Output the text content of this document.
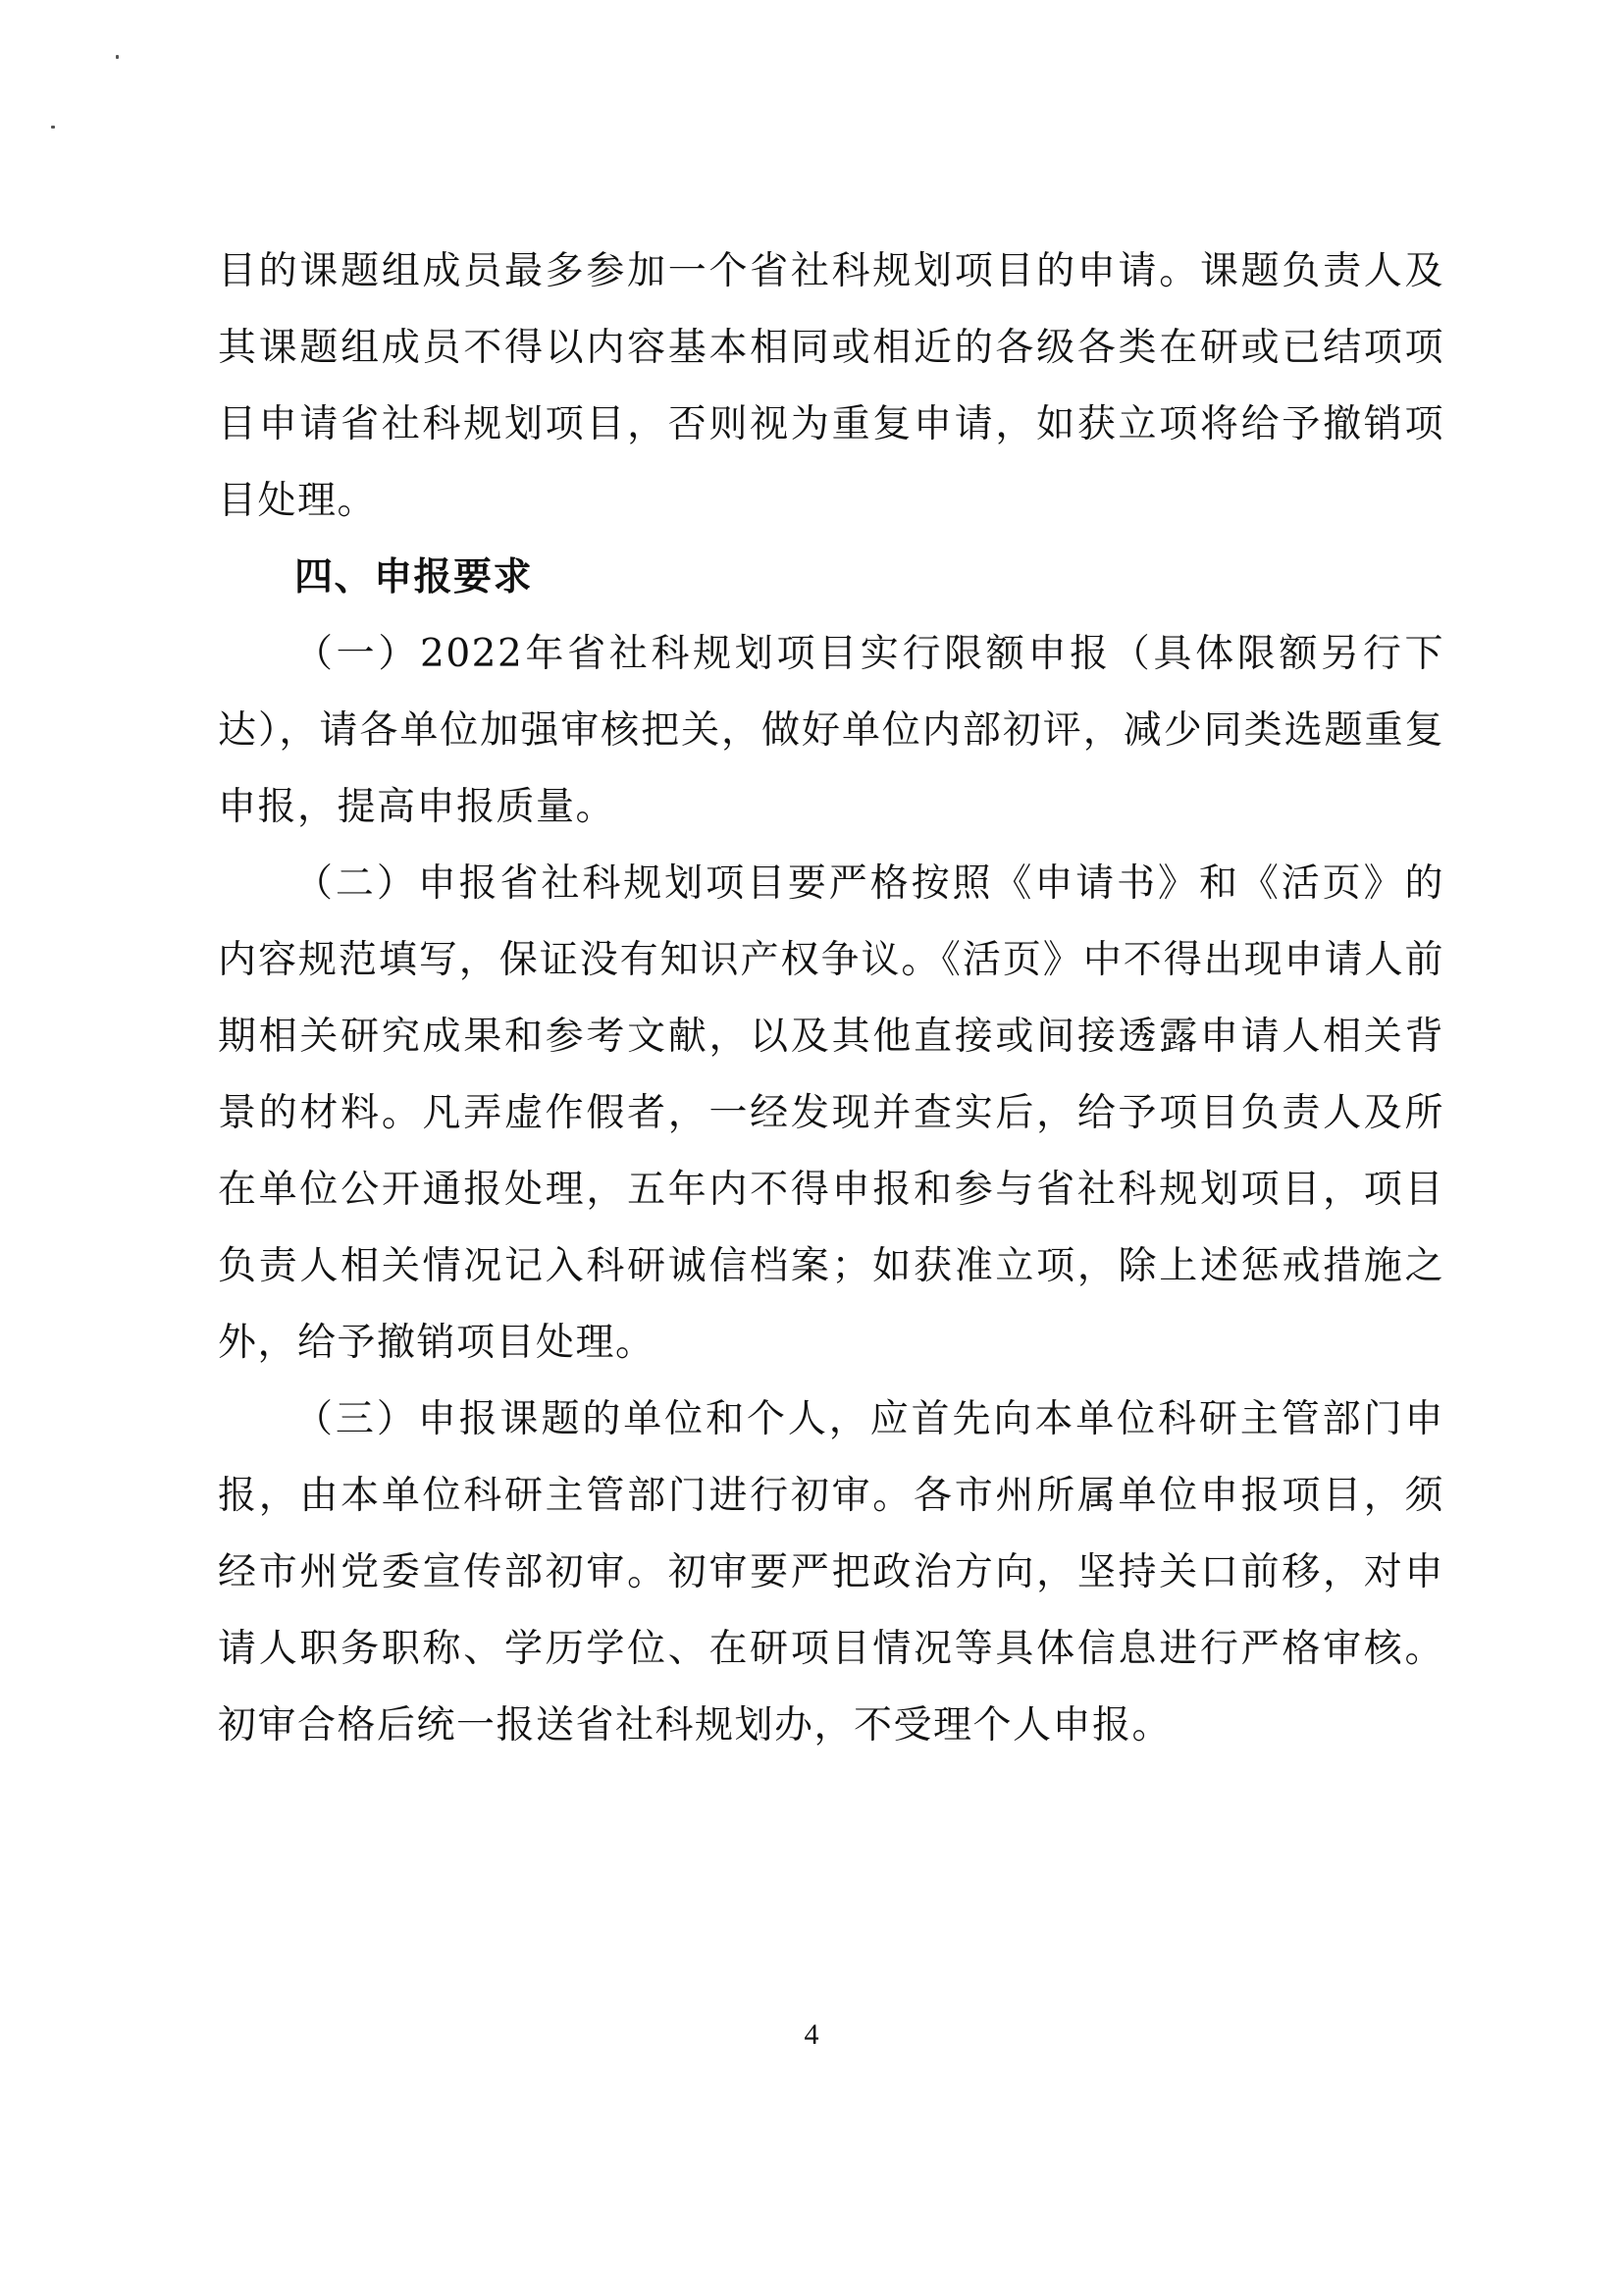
目的课题组成员最多参加一个省社科规划项目的申请。课题负责人及其课题组成员不得以内容基本相同或相近的各级各类在研或已结项项目申请省社科规划项目，否则视为重复申请，如获立项将给予撤销项目处理。

四、申报要求

（一）2022年省社科规划项目实行限额申报（具体限额另行下达），请各单位加强审核把关，做好单位内部初评，减少同类选题重复申报，提高申报质量。

（二）申报省社科规划项目要严格按照《申请书》和《活页》的内容规范填写，保证没有知识产权争议。《活页》中不得出现申请人前期相关研究成果和参考文献，以及其他直接或间接透露申请人相关背景的材料。凡弄虚作假者，一经发现并查实后，给予项目负责人及所在单位公开通报处理，五年内不得申报和参与省社科规划项目，项目负责人相关情况记入科研诚信档案；如获准立项，除上述惩戒措施之外，给予撤销项目处理。

（三）申报课题的单位和个人，应首先向本单位科研主管部门申报，由本单位科研主管部门进行初审。各市州所属单位申报项目，须经市州党委宣传部初审。初审要严把政治方向，坚持关口前移，对申请人职务职称、学历学位、在研项目情况等具体信息进行严格审核。初审合格后统一报送省社科规划办，不受理个人申报。

4
